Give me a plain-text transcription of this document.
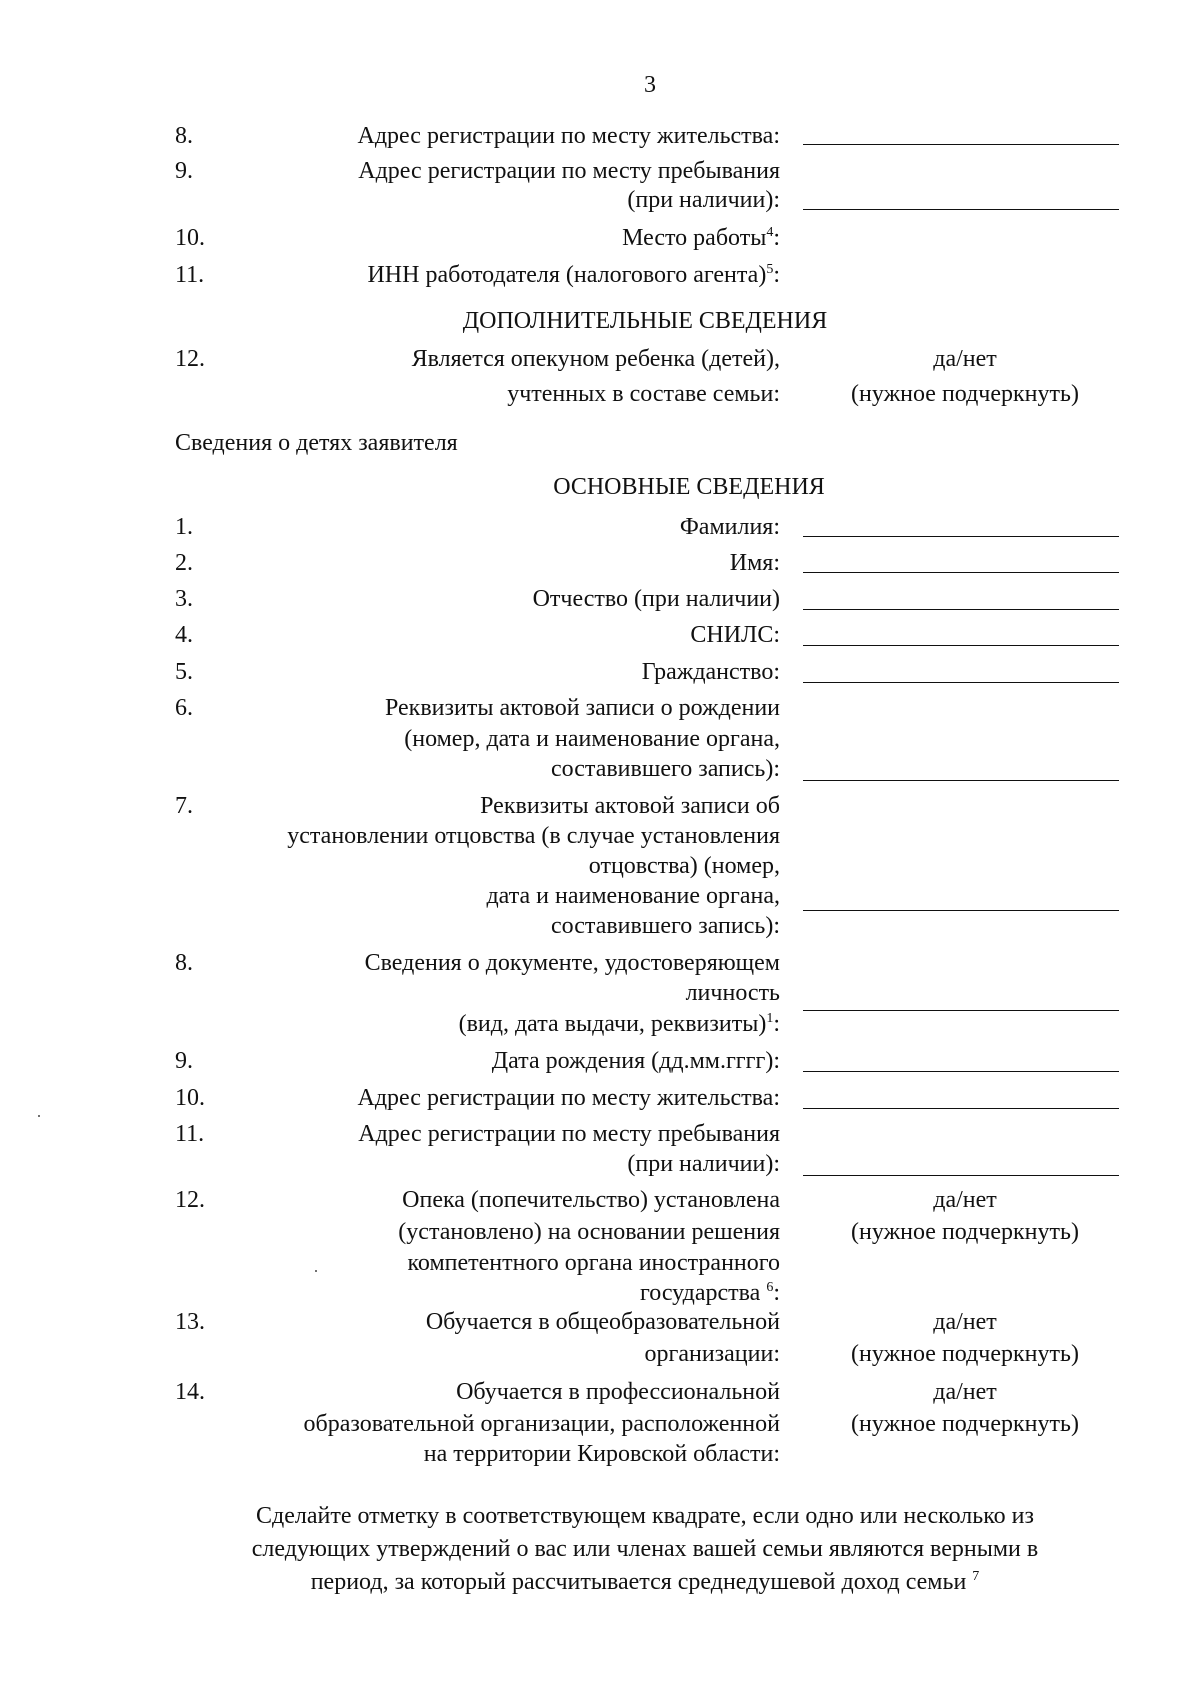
3
8.	Адрес регистрации по месту жительства:
9.	Адрес регистрации по месту пребывания
(при наличии):
10.	Место работы$^4$:
11.	ИНН работодателя (налогового агента)$^5$:
ДОПОЛНИТЕЛЬНЫЕ СВЕДЕНИЯ
12.	Является опекуном ребенка (детей),	да/нет
учтенных в составе семьи:	(нужное подчеркнуть)
Сведения о детях заявителя
ОСНОВНЫЕ СВЕДЕНИЯ
1.	Фамилия:
2.	Имя:
3.	Отчество (при наличии)
4.	СНИЛС:
5.	Гражданство:
6.	Реквизиты актовой записи о рождении
(номер, дата и наименование органа,
составившего запись):
7.	Реквизиты актовой записи об
установлении отцовства (в случае установления
отцовства) (номер,
дата и наименование органа,
составившего запись):
8.	Сведения о документе, удостоверяющем
личность
(вид, дата выдачи, реквизиты)$^1$:
9.	Дата рождения (дд.мм.гггг):
10.	Адрес регистрации по месту жительства:
11.	Адрес регистрации по месту пребывания
(при наличии):
12.	Опека (попечительство) установлена	да/нет
(установлено) на основании решения	(нужное подчеркнуть)
компетентного органа иностранного
государства $^6$:
13.	Обучается в общеобразовательной	да/нет
организации:	(нужное подчеркнуть)
14.	Обучается в профессиональной	да/нет
образовательной организации, расположенной	(нужное подчеркнуть)
на территории Кировской области:
Сделайте отметку в соответствующем квадрате, если одно или несколько из
следующих утверждений о вас или членах вашей семьи являются верными в
период, за который рассчитывается среднедушевой доход семьи $^7$
